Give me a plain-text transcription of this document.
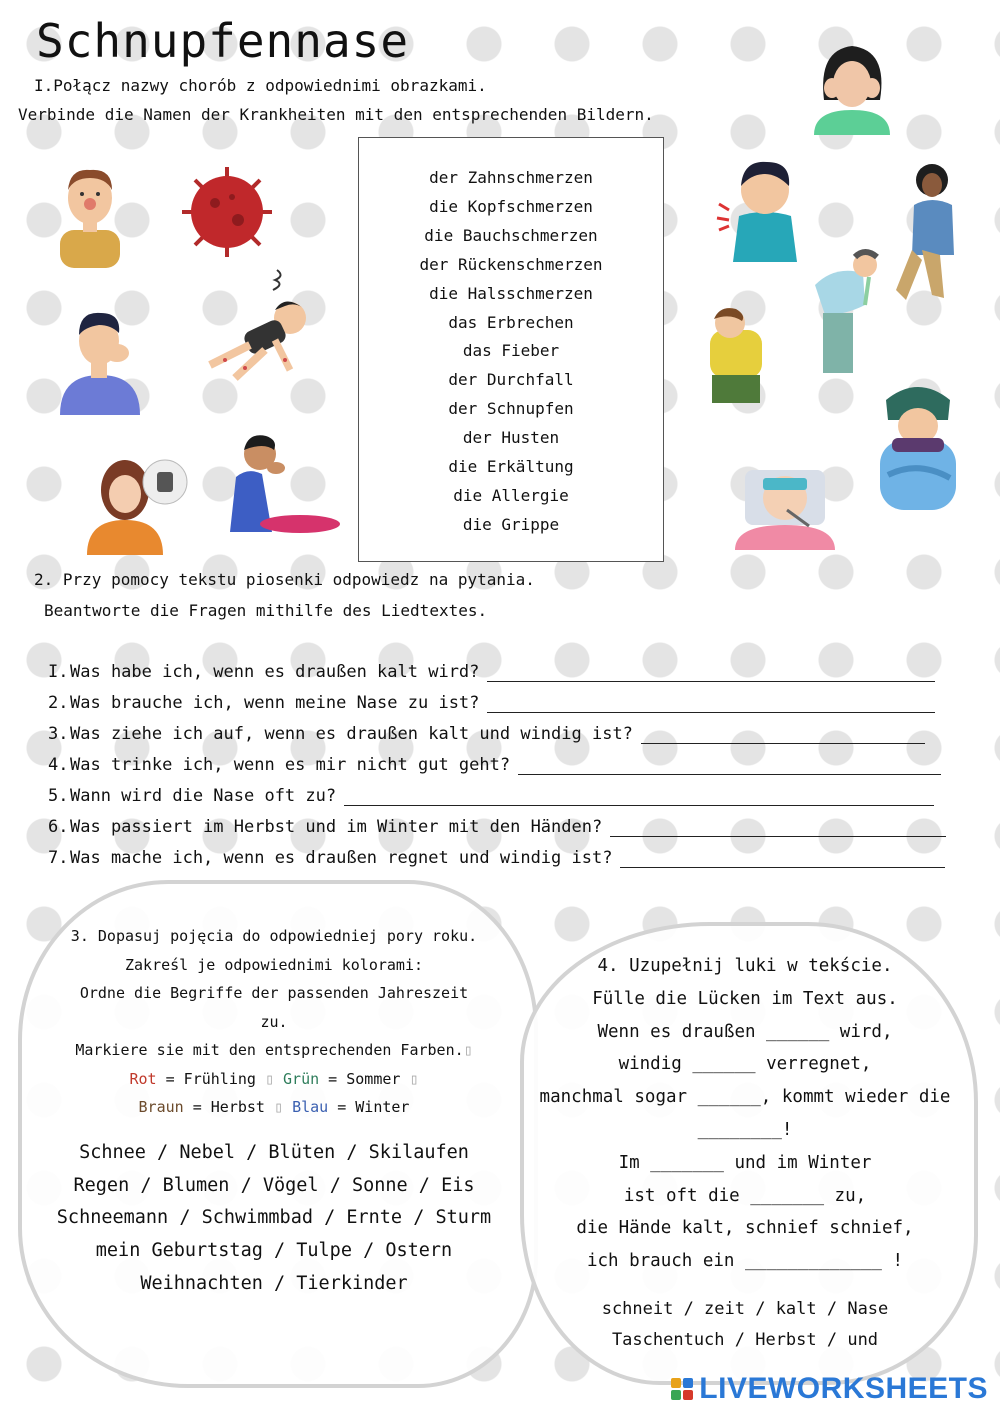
Schnupfennase
I.Połącz nazwy chorób z odpowiednimi obrazkami.
Verbinde die Namen der Krankheiten mit den entsprechenden Bildern.
der Zahnschmerzen
die Kopfschmerzen
die Bauchschmerzen
der Rückenschmerzen
die Halsschmerzen
das Erbrechen
das Fieber
der Durchfall
der Schnupfen
der Husten
die Erkältung
die Allergie
die Grippe
2. Przy pomocy tekstu piosenki odpowiedz na pytania.
Beantworte die Fragen mithilfe des Liedtextes.
I. Was habe ich, wenn es draußen kalt wird?
2. Was brauche ich, wenn meine Nase zu ist?
3. Was ziehe ich auf, wenn es draußen kalt und windig ist?
4. Was trinke ich, wenn es mir nicht gut geht?
5. Wann wird die Nase oft zu?
6. Was passiert im Herbst und im Winter mit den Händen?
7. Was mache ich, wenn es draußen regnet und windig ist?
3. Dopasuj pojęcia do odpowiedniej pory roku.
Zakreśl je odpowiednimi kolorami:
Ordne die Begriffe der passenden Jahreszeit
zu.
Markiere sie mit den entsprechenden Farben.▯
Rot = Frühling ▯ Grün = Sommer ▯
Braun = Herbst ▯ Blau = Winter
Schnee / Nebel / Blüten / Skilaufen
Regen / Blumen / Vögel / Sonne / Eis
Schneemann / Schwimmbad / Ernte / Sturm
mein Geburtstag / Tulpe / Ostern
Weihnachten / Tierkinder
4. Uzupełnij luki w tekście.
Fülle die Lücken im Text aus.
Wenn es draußen ______ wird,
windig ______ verregnet,
manchmal sogar ______, kommt wieder die
________!
Im _______ und im Winter
ist oft die _______ zu,
die Hände kalt, schnief schnief,
ich brauch ein _____________ !
schneit / zeit / kalt / Nase
Taschentuch / Herbst / und
LIVEWORKSHEETS
